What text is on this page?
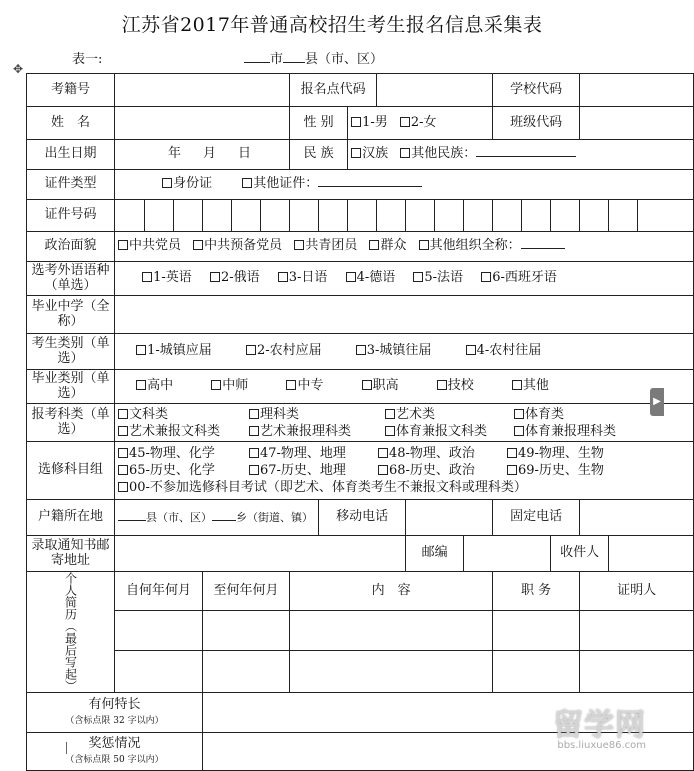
江苏省2017年普通高校招生考生报名信息采集表
表一:	市 县（市、区）
✥
考籍号							报名点代码							学校代码					
姓　名							性 别		1-男 2-女					班级代码					
出生日期	年 月 日						民 族		汉族 其他民族：										
证件类型	身份证 其他证件：																		
证件号码																			
政治面貌	中共党员 中共预备党员 共青团员 群众 其他组织全称：																		
选考外语语种（单选）	1-英语 2-俄语 3-日语 4-德语 5-法语 6-西班牙语																		
毕业中学（全称）																			
考生类别（单选）	1-城镇应届 2-农村应届 3-城镇往届 4-农村往届																		
毕业类别（单选）	高中 中师 中专 职高 技校 其他																		
报考科类（单选）	文科类 理科类 艺术类 体育类
艺术兼报文科类 艺术兼报理科类 体育兼报文科类 体育兼报理科类																		

选修科目组	45-物理、化学 47-物理、地理 48-物理、政治 49-物理、生物
65-历史、化学 67-历史、地理 68-历史、政治 69-历史、生物
00-不参加选修科目考试（即艺术、体育类考生不兼报文科或理科类）																		

户籍所在地	县（市、区） 乡（街道、镇）							移动电话						固定电话					
录取通知书邮寄地址											邮编					收件人			

个人简历（最后写起）	自何年何月			至何年何月			内　容							职 务			证明人		

有何特长
（含标点限 32 字以内）																			

奖惩情况
（含标点限 50 字以内）																			

▶
留学网
bbs.liuxue86.com
